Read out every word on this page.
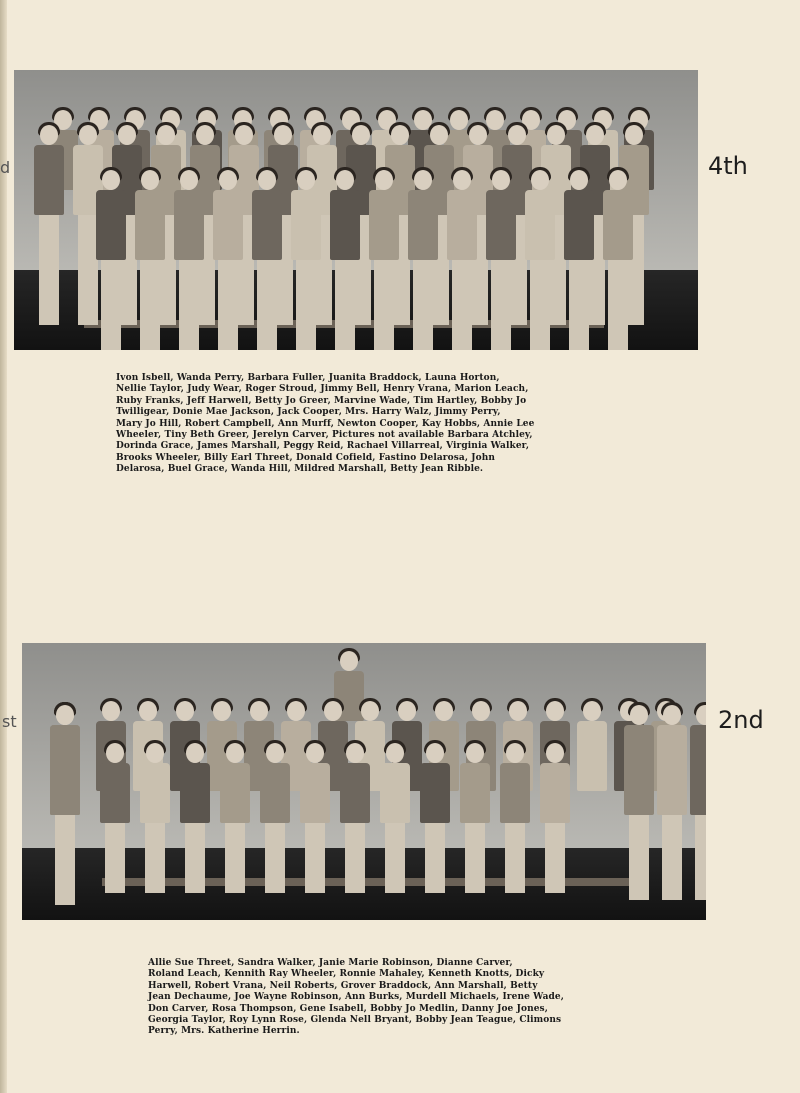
d
st
4th
Ivon Isbell, Wanda Perry, Barbara Fuller, Juanita Braddock, Launa Horton,
Nellie Taylor, Judy Wear, Roger Stroud, Jimmy Bell, Henry Vrana, Marion Leach,
Ruby Franks, Jeff Harwell, Betty Jo Greer, Marvine Wade, Tim Hartley, Bobby Jo
Twilligear, Donie Mae Jackson, Jack Cooper, Mrs. Harry Walz, Jimmy Perry,
Mary Jo Hill, Robert Campbell, Ann Murff, Newton Cooper, Kay Hobbs, Annie Lee
Wheeler, Tiny Beth Greer, Jerelyn Carver, Pictures not available Barbara Atchley,
Dorinda Grace, James Marshall, Peggy Reid, Rachael Villarreal, Virginia Walker,
Brooks Wheeler, Billy Earl Threet, Donald Cofield, Fastino Delarosa, John
Delarosa, Buel Grace, Wanda Hill, Mildred Marshall, Betty Jean Ribble.
2nd
Allie Sue Threet, Sandra Walker, Janie Marie Robinson, Dianne Carver,
Roland Leach, Kennith Ray Wheeler, Ronnie Mahaley, Kenneth Knotts, Dicky
Harwell, Robert Vrana, Neil Roberts, Grover Braddock, Ann Marshall, Betty
Jean Dechaume, Joe Wayne Robinson, Ann Burks, Murdell Michaels, Irene Wade,
Don Carver, Rosa Thompson, Gene Isabell, Bobby Jo Medlin, Danny Joe Jones,
Georgia Taylor, Roy Lynn Rose, Glenda Nell Bryant, Bobby Jean Teague, Climons
Perry, Mrs. Katherine Herrin.
